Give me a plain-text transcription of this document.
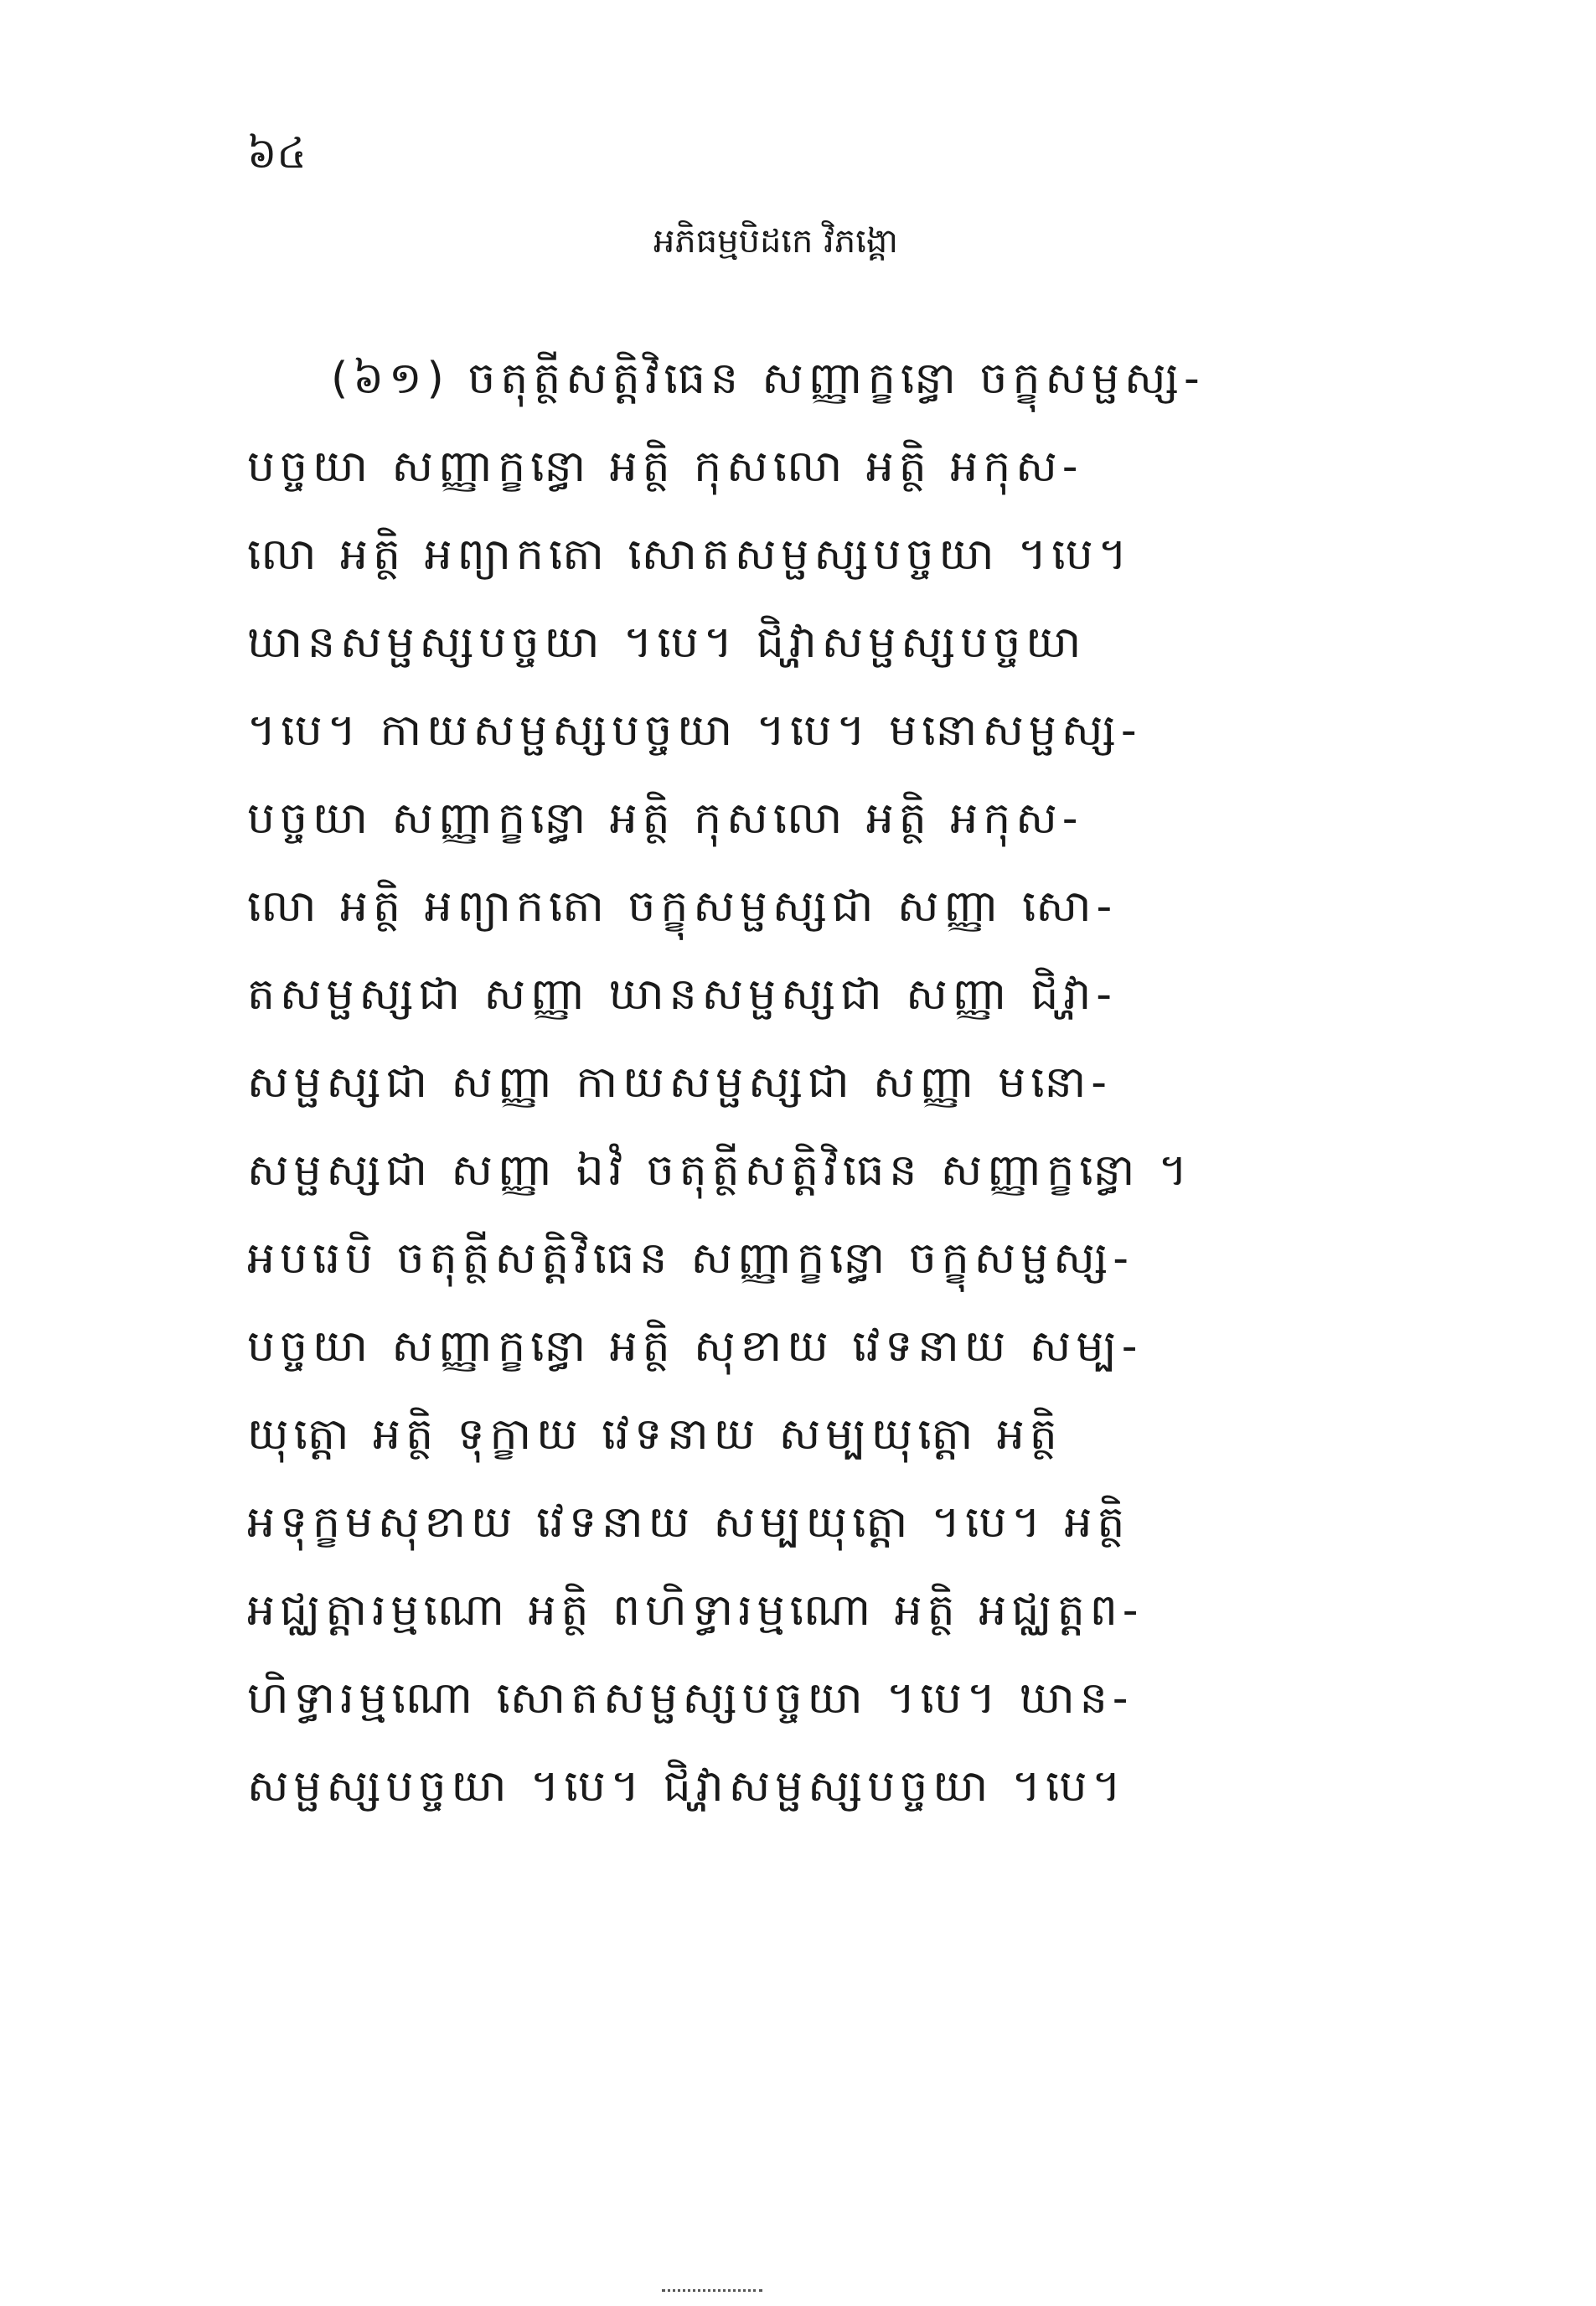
៦៤
អភិធម្មបិដកេ វិភង្គោ
(៦១) ចតុត្ថីសត្តិវិធេន សញ្ញាក្ខន្ធោ ចក្ខុសម្ផស្ស-
បច្ចយា សញ្ញាក្ខន្ធោ អត្ថិ កុសលោ អត្ថិ អកុស-
លោ អត្ថិ អព្យាកតោ សោតសម្ផស្សបច្ចយា ។បេ។
ឃានសម្ផស្សបច្ចយា ។បេ។ ជិវ្ហាសម្ផស្សបច្ចយា
។បេ។ កាយសម្ផស្សបច្ចយា ។បេ។ មនោសម្ផស្ស-
បច្ចយា សញ្ញាក្ខន្ធោ អត្ថិ កុសលោ អត្ថិ អកុស-
លោ អត្ថិ អព្យាកតោ ចក្ខុសម្ផស្សជា សញ្ញា សោ-
តសម្ផស្សជា សញ្ញា ឃានសម្ផស្សជា សញ្ញា ជិវ្ហា-
សម្ផស្សជា សញ្ញា កាយសម្ផស្សជា សញ្ញា មនោ-
សម្ផស្សជា សញ្ញា ឯវំ ចតុត្ថីសត្តិវិធេន សញ្ញាក្ខន្ធោ ។
អបរេបិ ចតុត្ថីសត្តិវិធេន សញ្ញាក្ខន្ធោ ចក្ខុសម្ផស្ស-
បច្ចយា សញ្ញាក្ខន្ធោ អត្ថិ សុខាយ វេទនាយ សម្ប-
យុត្តោ អត្ថិ ទុក្ខាយ វេទនាយ សម្បយុត្តោ អត្ថិ
អទុក្ខមសុខាយ វេទនាយ សម្បយុត្តោ ។បេ។ អត្ថិ
អជ្ឈត្តារម្មណោ អត្ថិ ពហិទ្ធារម្មណោ អត្ថិ អជ្ឈត្តព-
ហិទ្ធារម្មណោ សោតសម្ផស្សបច្ចយា ។បេ។ ឃាន-
សម្ផស្សបច្ចយា ។បេ។ ជិវ្ហាសម្ផស្សបច្ចយា ។បេ។
